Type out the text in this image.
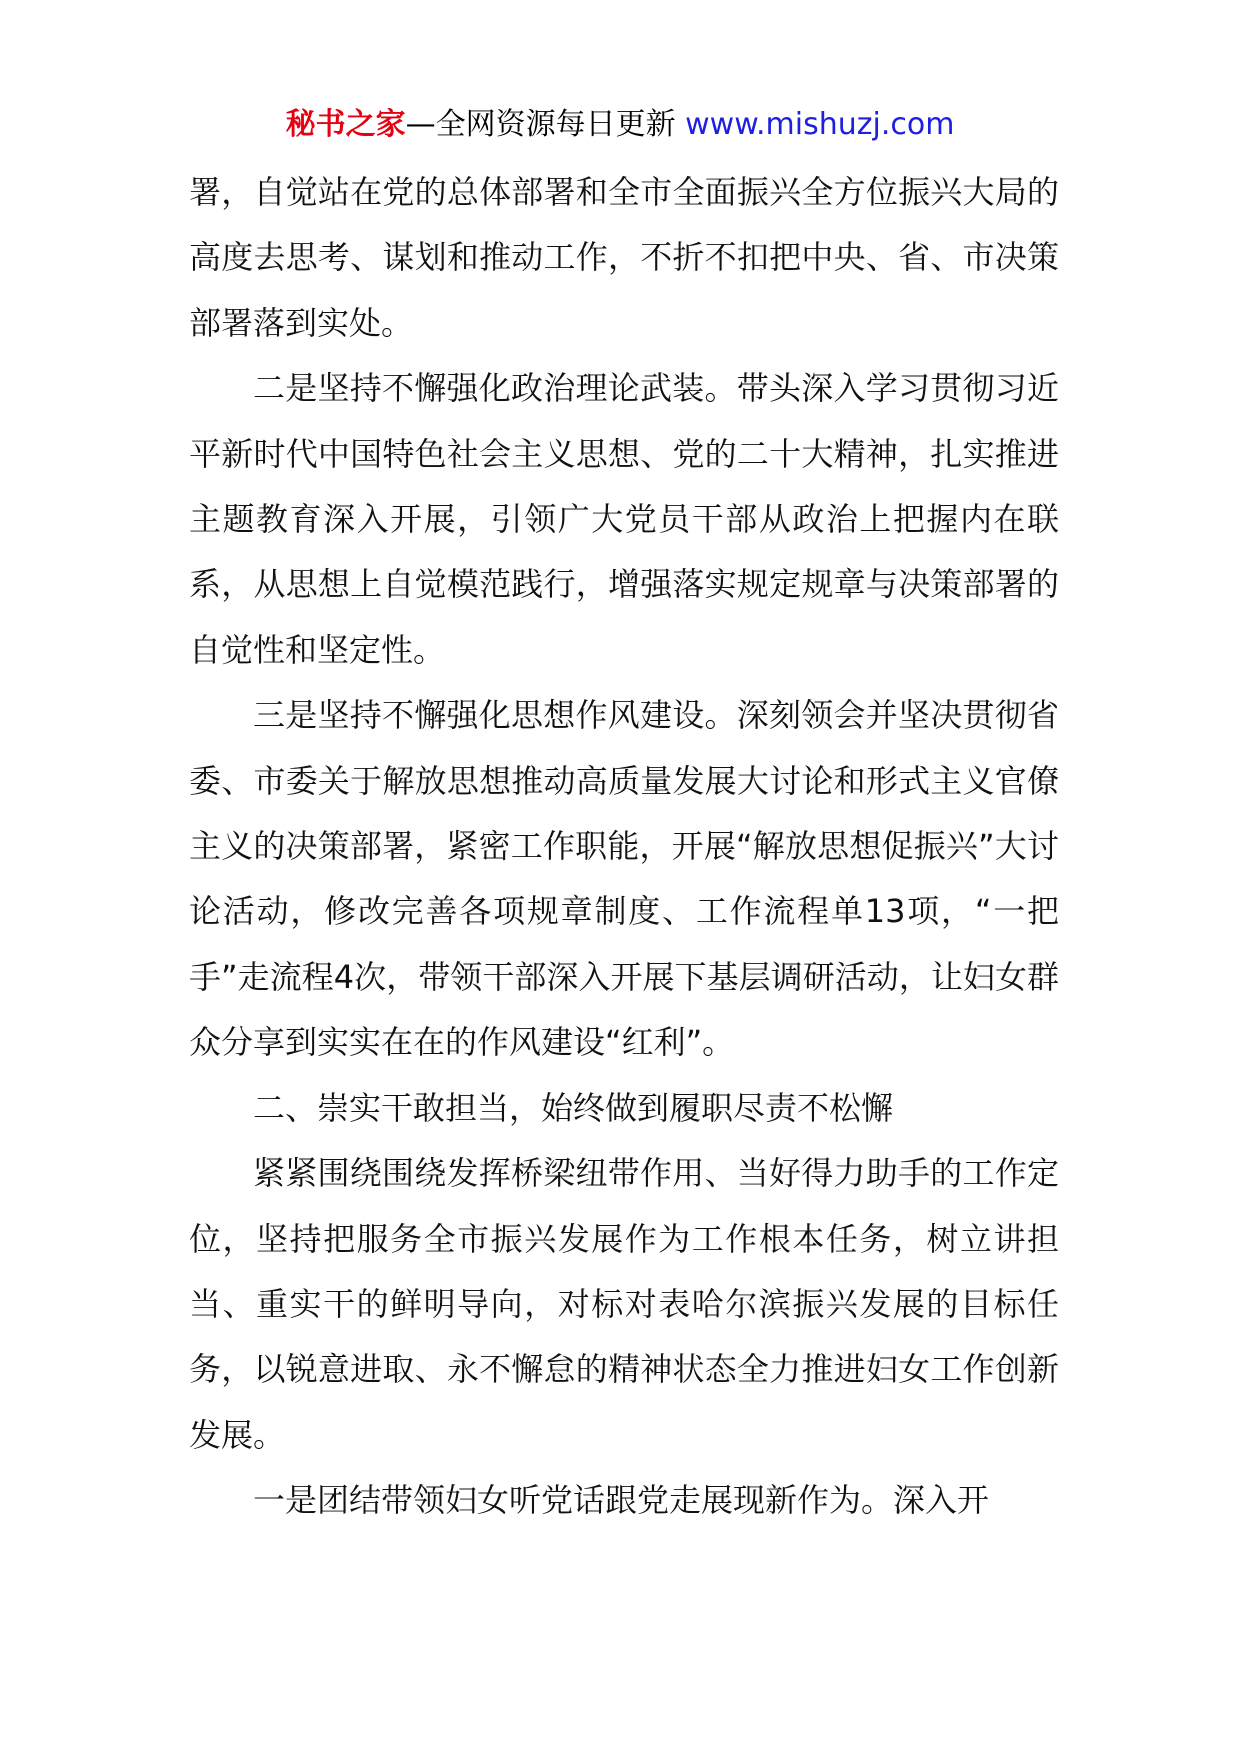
秘书之家—全网资源每日更新 www.mishuzj.com

署，自觉站在党的总体部署和全市全面振兴全方位振兴大局的高度去思考、谋划和推动工作，不折不扣把中央、省、市决策部署落到实处。

二是坚持不懈强化政治理论武装。带头深入学习贯彻习近平新时代中国特色社会主义思想、党的二十大精神，扎实推进主题教育深入开展，引领广大党员干部从政治上把握内在联系，从思想上自觉模范践行，增强落实规定规章与决策部署的自觉性和坚定性。

三是坚持不懈强化思想作风建设。深刻领会并坚决贯彻省委、市委关于解放思想推动高质量发展大讨论和形式主义官僚主义的决策部署，紧密工作职能，开展“解放思想促振兴”大讨论活动，修改完善各项规章制度、工作流程单13项，“一把手”走流程4次，带领干部深入开展下基层调研活动，让妇女群众分享到实实在在的作风建设“红利”。

二、崇实干敢担当，始终做到履职尽责不松懈

紧紧围绕围绕发挥桥梁纽带作用、当好得力助手的工作定位，坚持把服务全市振兴发展作为工作根本任务，树立讲担当、重实干的鲜明导向，对标对表哈尔滨振兴发展的目标任务，以锐意进取、永不懈怠的精神状态全力推进妇女工作创新发展。

一是团结带领妇女听党话跟党走展现新作为。深入开
